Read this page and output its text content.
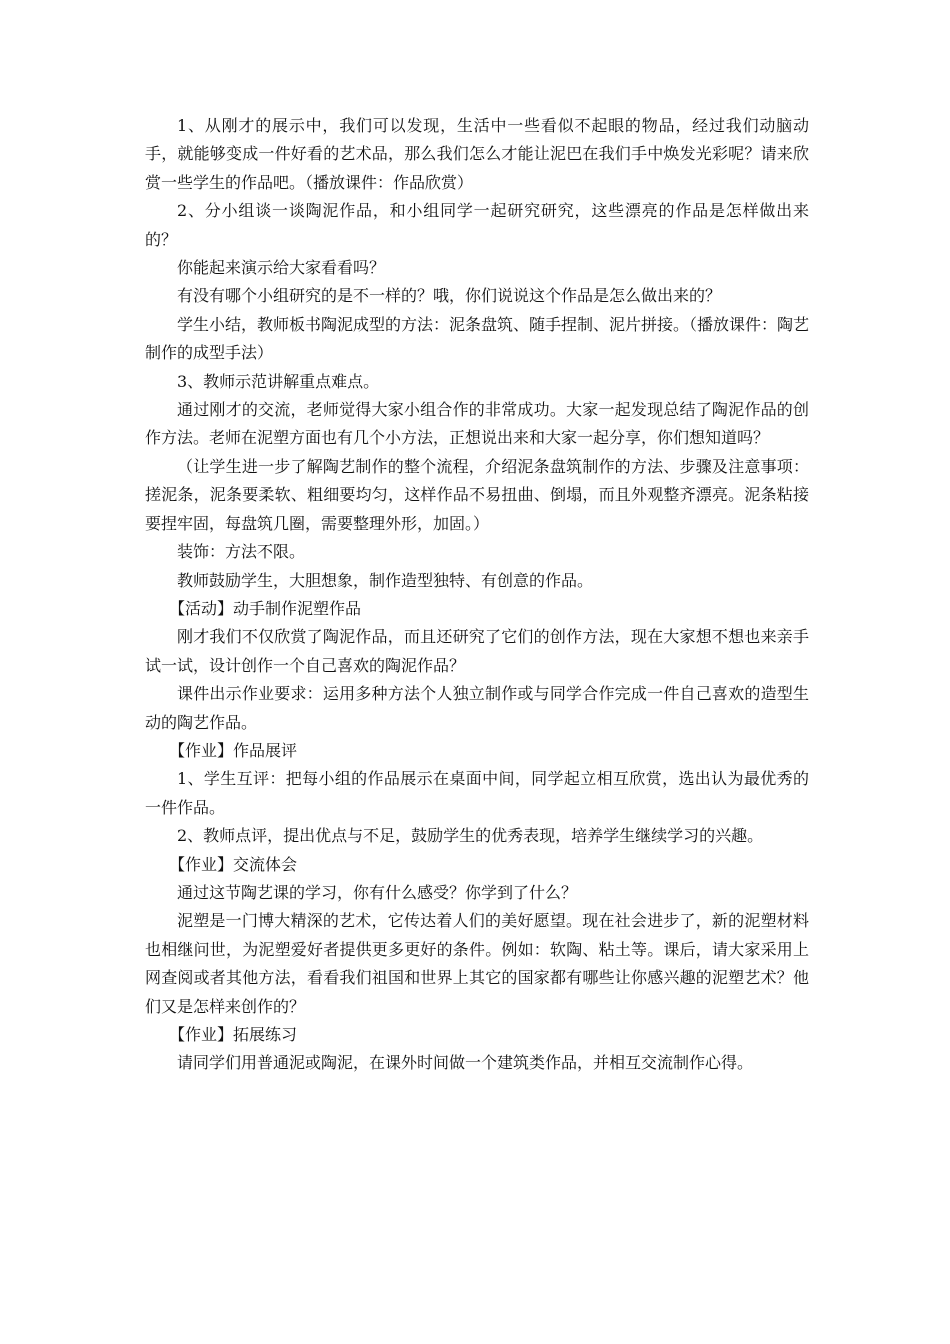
1、从刚才的展示中，我们可以发现，生活中一些看似不起眼的物品，经过我们动脑动手，就能够变成一件好看的艺术品，那么我们怎么才能让泥巴在我们手中焕发光彩呢？请来欣赏一些学生的作品吧。（播放课件：作品欣赏）

2、分小组谈一谈陶泥作品，和小组同学一起研究研究，这些漂亮的作品是怎样做出来的？

你能起来演示给大家看看吗？

有没有哪个小组研究的是不一样的？哦，你们说说这个作品是怎么做出来的？

学生小结，教师板书陶泥成型的方法：泥条盘筑、随手捏制、泥片拼接。（播放课件：陶艺制作的成型手法）

3、教师示范讲解重点难点。

通过刚才的交流，老师觉得大家小组合作的非常成功。大家一起发现总结了陶泥作品的创作方法。老师在泥塑方面也有几个小方法，正想说出来和大家一起分享，你们想知道吗？

（让学生进一步了解陶艺制作的整个流程，介绍泥条盘筑制作的方法、步骤及注意事项：搓泥条，泥条要柔软、粗细要均匀，这样作品不易扭曲、倒塌，而且外观整齐漂亮。泥条粘接要捏牢固，每盘筑几圈，需要整理外形，加固。）

装饰：方法不限。

教师鼓励学生，大胆想象，制作造型独特、有创意的作品。

【活动】动手制作泥塑作品

刚才我们不仅欣赏了陶泥作品，而且还研究了它们的创作方法，现在大家想不想也来亲手试一试，设计创作一个自己喜欢的陶泥作品？

课件出示作业要求：运用多种方法个人独立制作或与同学合作完成一件自己喜欢的造型生动的陶艺作品。

【作业】作品展评

1、学生互评：把每小组的作品展示在桌面中间，同学起立相互欣赏，选出认为最优秀的一件作品。

2、教师点评，提出优点与不足，鼓励学生的优秀表现，培养学生继续学习的兴趣。

【作业】交流体会

通过这节陶艺课的学习，你有什么感受？你学到了什么？

泥塑是一门博大精深的艺术，它传达着人们的美好愿望。现在社会进步了，新的泥塑材料也相继问世，为泥塑爱好者提供更多更好的条件。例如：软陶、粘土等。课后，请大家采用上网查阅或者其他方法，看看我们祖国和世界上其它的国家都有哪些让你感兴趣的泥塑艺术？他们又是怎样来创作的？

【作业】拓展练习

请同学们用普通泥或陶泥，在课外时间做一个建筑类作品，并相互交流制作心得。
